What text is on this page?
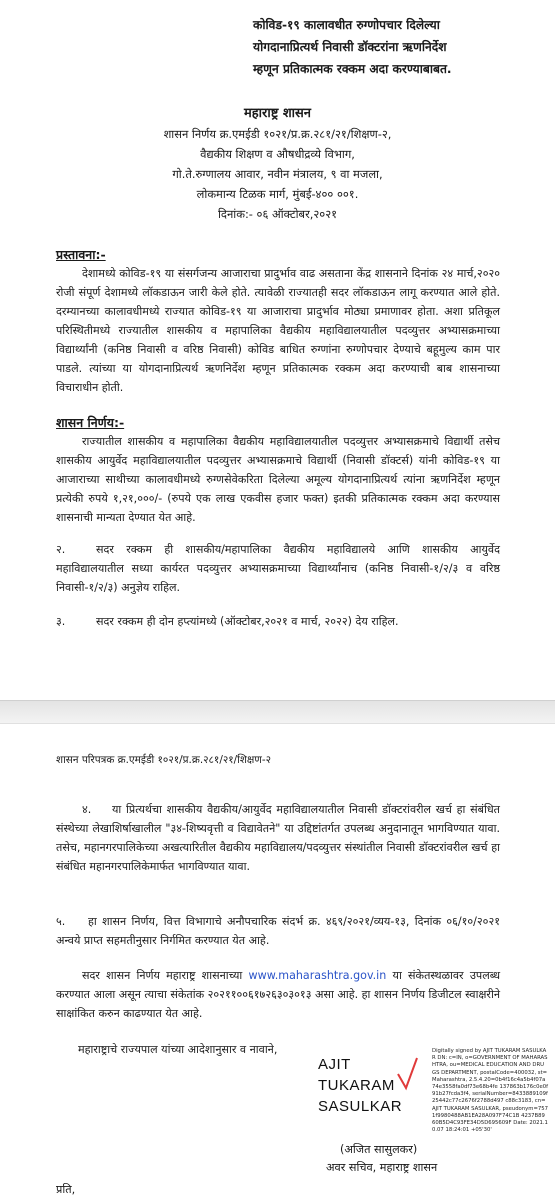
कोविड-१९ कालावधीत रुग्णोपचार दिलेल्या
योगदानाप्रित्यर्थ निवासी डॉक्टरांना ऋणनिर्देश
म्हणून प्रतिकात्मक रक्कम अदा करण्याबाबत.
महाराष्ट्र शासन
शासन निर्णय क्र.एमईडी १०२१/प्र.क्र.२८१/२१/शिक्षण-२,
वैद्यकीय शिक्षण व औषधीद्रव्ये विभाग,
गो.ते.रुग्णालय आवार, नवीन मंत्रालय, ९ वा मजला,
लोकमान्य टिळक मार्ग, मुंबई-४०० ००१.
दिनांक:- ०६ ऑक्टोबर,२०२१
प्रस्तावना:-

देशामध्ये कोविड-१९ या संसर्गजन्य आजाराचा प्रादुर्भाव वाढ असताना केंद्र शासनाने दिनांक २४ मार्च,२०२० रोजी संपूर्ण देशामध्ये लॉकडाऊन जारी केले होते. त्यावेळी राज्यातही सदर लॉकडाऊन लागू करण्यात आले होते. दरम्यानच्या कालावधीमध्ये राज्यात कोविड-१९ या आजाराचा प्रादुर्भाव मोठ्या प्रमाणावर होता. अशा प्रतिकूल परिस्थितीमध्ये राज्यातील शासकीय व महापालिका वैद्यकीय महाविद्यालयातील पदव्युत्तर अभ्यासक्रमाच्या विद्यार्थ्यांनी (कनिष्ठ निवासी व वरिष्ठ निवासी) कोविड बाधित रुग्णांना रुग्णोपचार देण्याचे बहूमुल्य काम पार पाडले. त्यांच्या या योगदानाप्रित्यर्थ ऋणनिर्देश म्हणून प्रतिकात्मक रक्कम अदा करण्याची बाब शासनाच्या विचाराधीन होती.

शासन निर्णय:-

राज्यातील शासकीय व महापालिका वैद्यकीय महाविद्यालयातील पदव्युत्तर अभ्यासक्रमाचे विद्यार्थी तसेच शासकीय आयुर्वेद महाविद्यालयातील पदव्युत्तर अभ्यासक्रमाचे विद्यार्थी (निवासी डॉक्टर्स) यांनी कोविड-१९ या आजाराच्या साथीच्या कालावधीमध्ये रुग्णसेवेकरिता दिलेल्या अमूल्य योगदानाप्रित्यर्थ त्यांना ऋणनिर्देश म्हणून प्रत्येकी रुपये १,२१,०००/- (रुपये एक लाख एकवीस हजार फक्त) इतकी प्रतिकात्मक रक्कम अदा करण्यास शासनाची मान्यता देण्यात येत आहे.

२.	सदर रक्कम ही शासकीय/महापालिका वैद्यकीय महाविद्यालये आणि शासकीय आयुर्वेद महाविद्यालयातील सध्या कार्यरत पदव्युत्तर अभ्यासक्रमाच्या विद्यार्थ्यांनाच (कनिष्ठ निवासी-१/२/३ व वरिष्ठ निवासी-१/२/३) अनुज्ञेय राहिल.

३.	सदर रक्कम ही दोन हप्त्यांमध्ये (ऑक्टोबर,२०२१ व मार्च, २०२२) देय राहिल.

शासन परिपत्रक क्र.एमईडी १०२१/प्र.क्र.२८१/२१/शिक्षण-२

४. या प्रित्यर्थचा शासकीय वैद्यकीय/आयुर्वेद महाविद्यालयातील निवासी डॉक्टरांवरील खर्च हा संबंधित संस्थेच्या लेखाशिर्षाखालील "३४-शिष्यवृत्ती व विद्यावेतने" या उद्दिष्टांतर्गत उपलब्ध अनुदानातून भागविण्यात यावा. तसेच, महानगरपालिकेच्या अखत्यारितील वैद्यकीय महाविद्यालय/पदव्युत्तर संस्थांतील निवासी डॉक्टरांवरील खर्च हा संबंधित महानगरपालिकेमार्फत भागविण्यात यावा.

५. हा शासन निर्णय, वित्त विभागाचे अनौपचारिक संदर्भ क्र. ४६९/२०२१/व्यय-१३, दिनांक ०६/१०/२०२१ अन्वये प्राप्त सहमतीनुसार निर्गमित करण्यात येत आहे.

सदर शासन निर्णय महाराष्ट्र शासनाच्या www.maharashtra.gov.in या संकेतस्थळावर उपलब्ध करण्यात आला असून त्याचा संकेतांक २०२११००६१७२६३०३०१३ असा आहे. हा शासन निर्णय डिजीटल स्वाक्षरीने साक्षांकित करुन काढण्यात येत आहे.

महाराष्ट्राचे राज्यपाल यांच्या आदेशानुसार व नावाने,

AJIT
TUKARAM
SASULKAR
Digitally signed by AJIT TUKARAM SASULKAR DN: c=IN, o=GOVERNMENT OF MAHARASHTRA, ou=MEDICAL EDUCATION AND DRUGS DEPARTMENT, postalCode=400032, st=Maharashtra, 2.5.4.20=0b4f16c4a5b4f07a74e3558fa0df73e68b4fe 137863b176c0e0f91b27fcda3f4, serialNumber=8433889109f25442c77c2676f2788d497 c88c3183, cn=AJIT TUKARAM SASULKAR, pseudonym=7571f9980488AB1EA28A097F74C1B 4237B8960B5D4C93FE34D5D695609F Date: 2021.10.07 18:24:01 +05'30'
(अजित सासुलकर)
अवर सचिव, महाराष्ट्र शासन
प्रति,
